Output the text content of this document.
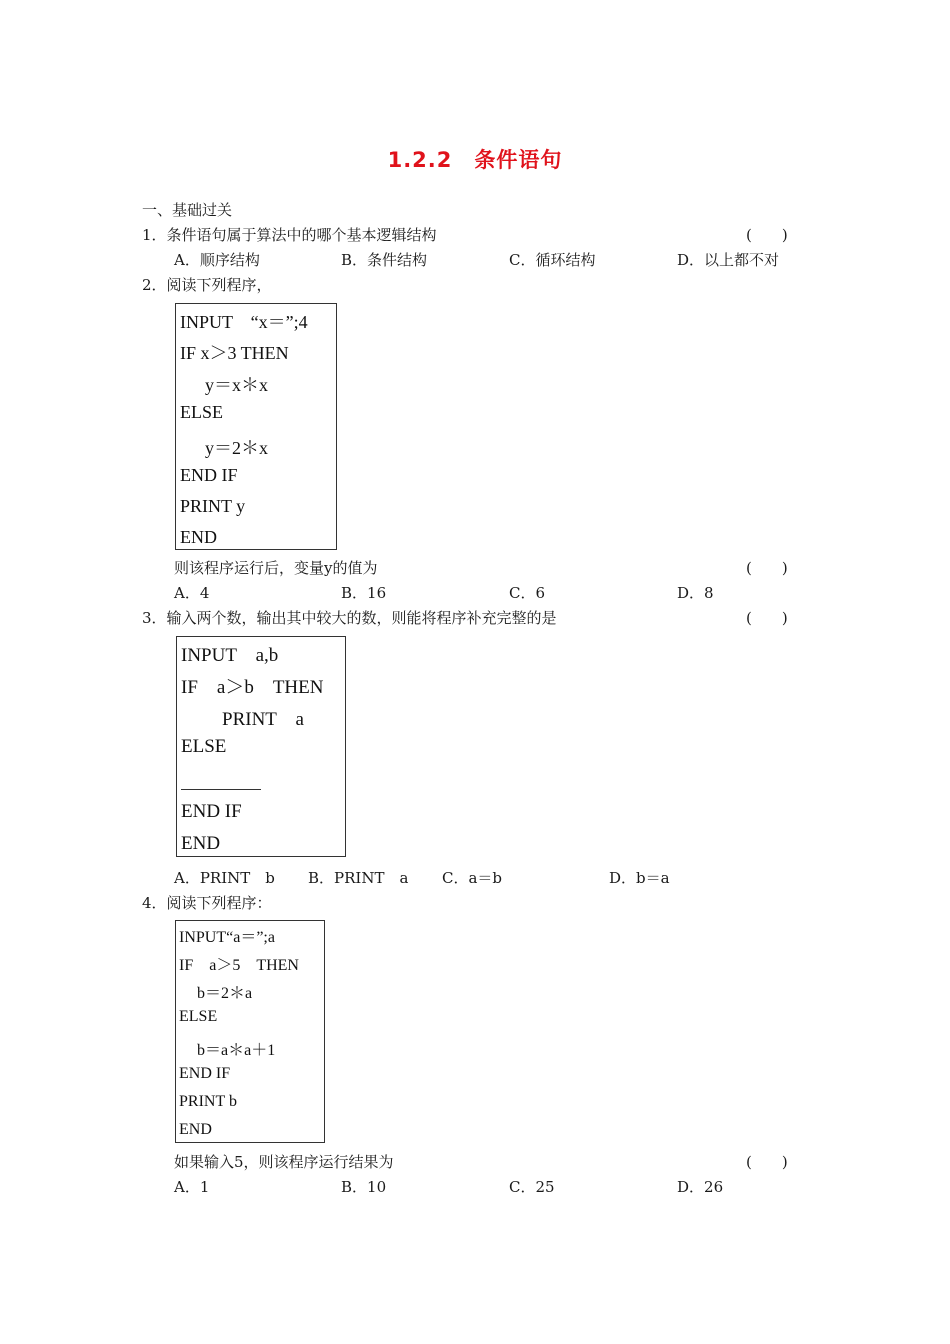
1.2.2　条件语句
一、基础过关
1．条件语句属于算法中的哪个基本逻辑结构	(　　)
A．顺序结构	B．条件结构	C．循环结构	D．以上都不对
2．阅读下列程序，
INPUT　“x＝”;4
IF x＞3 THEN
y＝x＊x
ELSE
y＝2＊x
END IF
PRINT y
END
则该程序运行后，变量y的值为	(　　)
A．4	B．16	C．6	D．8
3．输入两个数，输出其中较大的数，则能将程序补充完整的是	(　　)
INPUT　a,b
IF　a＞b　THEN
PRINT　a
ELSE
END IF
END
A．PRINT　b B．PRINT　a C．a＝b	D．b＝a
4．阅读下列程序：
INPUT“a＝”;a
IF　a＞5　THEN
b＝2＊a
ELSE
b＝a＊a＋1
END IF
PRINT b
END
如果输入5，则该程序运行结果为	(　　)
A．1	B．10	C．25	D．26
